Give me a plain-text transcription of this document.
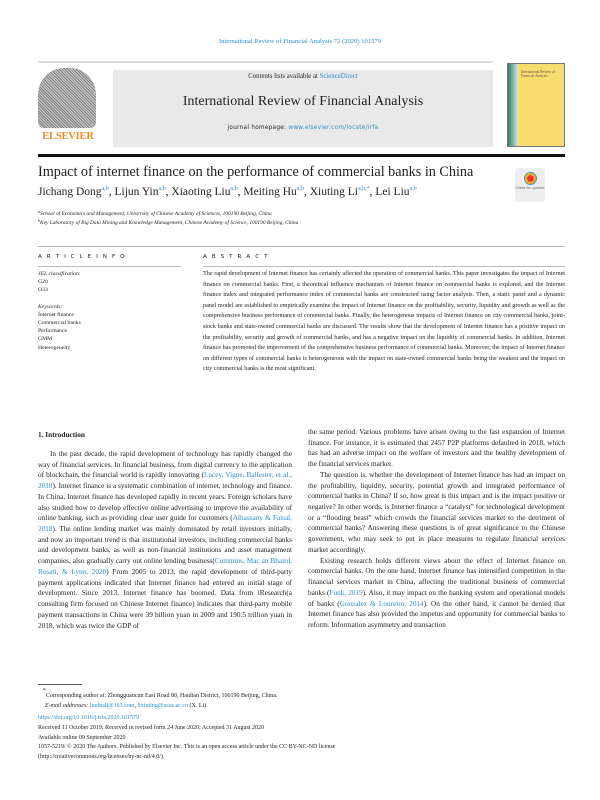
International Review of Financial Analysis 72 (2020) 101579
ELSEVIER
Contents lists available at ScienceDirect
International Review of Financial Analysis
journal homepage: www.elsevier.com/locate/irfa
International Review of Financial Analysis
Impact of internet finance on the performance of commercial banks in China
Check for updates
Jichang Dong$^{a,b}$, Lijun Yin$^{a,b}$, Xiaoting Liu$^{a,b}$, Meiting Hu$^{a,b}$, Xiuting $Li^{a,b,*}$, Lei Liu$^{a,b}$
$^a$School of Economics and Management, University of Chinese Academy of Sciences, 100190 Beijing, China
$^b$Key Laboratory of Big Data Mining and Knowledge Management, Chinese Academy of Science, 100190 Beijing, China
A R T I C L E I N F O	A B S T R A C T
JEL classification:
G20
O33
Keywords:
Internet finance
Commercial banks
Performance
GMM
Heterogeneity
The rapid development of Internet finance has certainly affected the operation of commercial banks. This paper investigates the impact of Internet finance on commercial banks. First, a theoretical influence mechanism of Internet finance on commercial banks is explored, and the Internet finance index and integrated performance index of commercial banks are constructed using factor analysis. Then, a static panel and a dynamic panel model are established to empirically examine the impact of Internet finance on the profitability, security, liquidity and growth as well as the comprehensive business performance of commercial banks. Finally, the heterogenous impacts of Internet finance on city commercial banks, joint-stock banks and state-owned commercial banks are discussed. The results show that the development of Internet finance has a positive impact on the profitability, security and growth of commercial banks, and has a negative impact on the liquidity of commercial banks. In addition, Internet finance has promoted the improvement of the comprehensive business performance of commercial banks. Moreover, the impact of Internet finance on different types of commercial banks is heterogeneous with the impact on state-owned commercial banks being the weakest and the impact on city commercial banks is the most significant.
1. Introduction

In the past decade, the rapid development of technology has rapidly changed the way of financial services. In financial business, from digital currency to the application of blockchain, the financial world is rapidly innovating (Lucey, Vigne, Ballester, et al., 2018). Internet finance is a systematic combination of internet, technology and finance. In China, Internet finance has developed rapidly in recent years. Foreign scholars have also studied how to develop effective online advertising to improve the availability of online banking, such as providing clear user guide for customers (Alhassany & Faisal, 2018). The online lending market was mainly dominated by retail investors initially, and now an important trend is that institutional investors, including commercial banks and development banks, as well as non-financial institutions and asset management companies, also gradually carry out online lending business(Cummins, Mac an Bhaird, Rosati, & Lynn, 2020) From 2005 to 2013, the rapid development of third-party payment applications indicated that Internet finance had entered an initial stage of development. Since 2013, Internet finance has boomed. Data from iResearch(a consulting firm focused on Chinese Internet finance) indicates that third-party mobile payment transactions in China were 39 billion yuan in 2009 and 190.5 trillion yuan in 2018, which was twice the GDP of

the same period. Various problems have arisen owing to the fast expansion of Internet finance. For instance, it is estimated that 2457 P2P platforms defaulted in 2018, which has had an adverse impact on the welfare of investors and the healthy development of the financial services market.

The question is, whether the development of Internet finance has had an impact on the profitability, liquidity, security, potential growth and integrated performance of commercial banks in China? If so, how great is this impact and is the impact positive or negative? In other words, is Internet finance a “catalyst” for technological development or a “flooding beast” which crowds the financial services market to the detriment of commercial banks? Answering these questions is of great significance to the Chinese government, who may seek to put in place measures to regulate financial services market accordingly.

Existing research holds different views about the effect of Internet finance on commercial banks. On the one hand, Internet finance has intensified competition in the financial services market in China, affecting the traditional business of commercial banks (Funk, 2019). Also, it may impact on the banking system and operational models of banks (Gonzalez & Loureiro, 2014). On the other hand, it cannot be denied that Internet finance has also provided the impetus and opportunity for commercial banks to reform. Information asymmetry and transaction

*Corresponding author at: Zhongguancun East Road 80, Haidian District, 100190 Beijing, China.
E-mail addresses: lindnall@163.com, lixiuting@ucas.ac.cn (X. Li).
https://doi.org/10.1016/j.irfa.2020.101579
Received 11 October 2019; Received in revised form 24 June 2020; Accepted 31 August 2020
Available online 09 September 2020
1057-5219/ © 2020 The Authors. Published by Elsevier Inc. This is an open access article under the CC BY-NC-ND license
(http://creativecommons.org/licenses/by-nc-nd/4.0/).
